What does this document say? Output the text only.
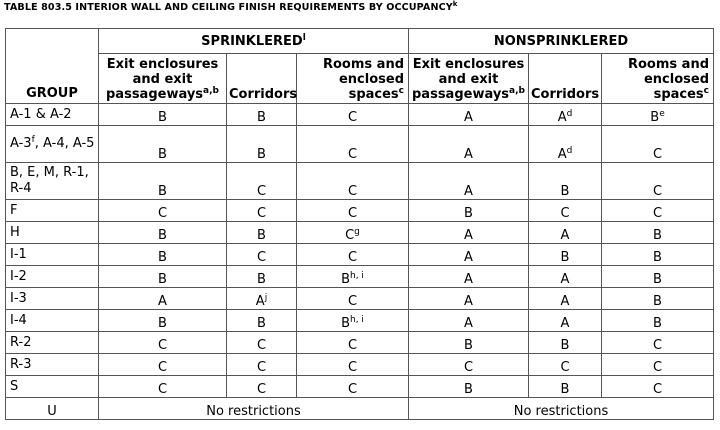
TABLE 803.5 INTERIOR WALL AND CEILING FINISH REQUIREMENTS BY OCCUPANCY$^k$
GROUP	SPRINKLERED$^l$			NONSPRINKLERED		
	Exit enclosures and exit passageways$^{a,b}$	Corridors	Rooms and enclosed spaces$^c$	Exit enclosures and exit passageways$^{a,b}$	Corridors	Rooms and enclosed spaces$^c$
A-1 & A-2	B	B	C	A	$A^d$	$B^e$
A-3$^f$, A-4, A-5	B	B	C	A	$A^d$	C
B, E, M, R-1, R-4	B	C	C	A	B	C
F	C	C	C	B	C	C
H	B	B	$C^g$	A	A	B
I-1	B	C	C	A	B	B
I-2	B	B	B$^{h, i}$	A	A	B
I-3	A	$A^j$	C	A	A	B
I-4	B	B	B$^{h, i}$	A	A	B
R-2	C	C	C	B	B	C
R-3	C	C	C	C	C	C
S	C	C	C	B	B	C
U	No restrictions			No restrictions		
